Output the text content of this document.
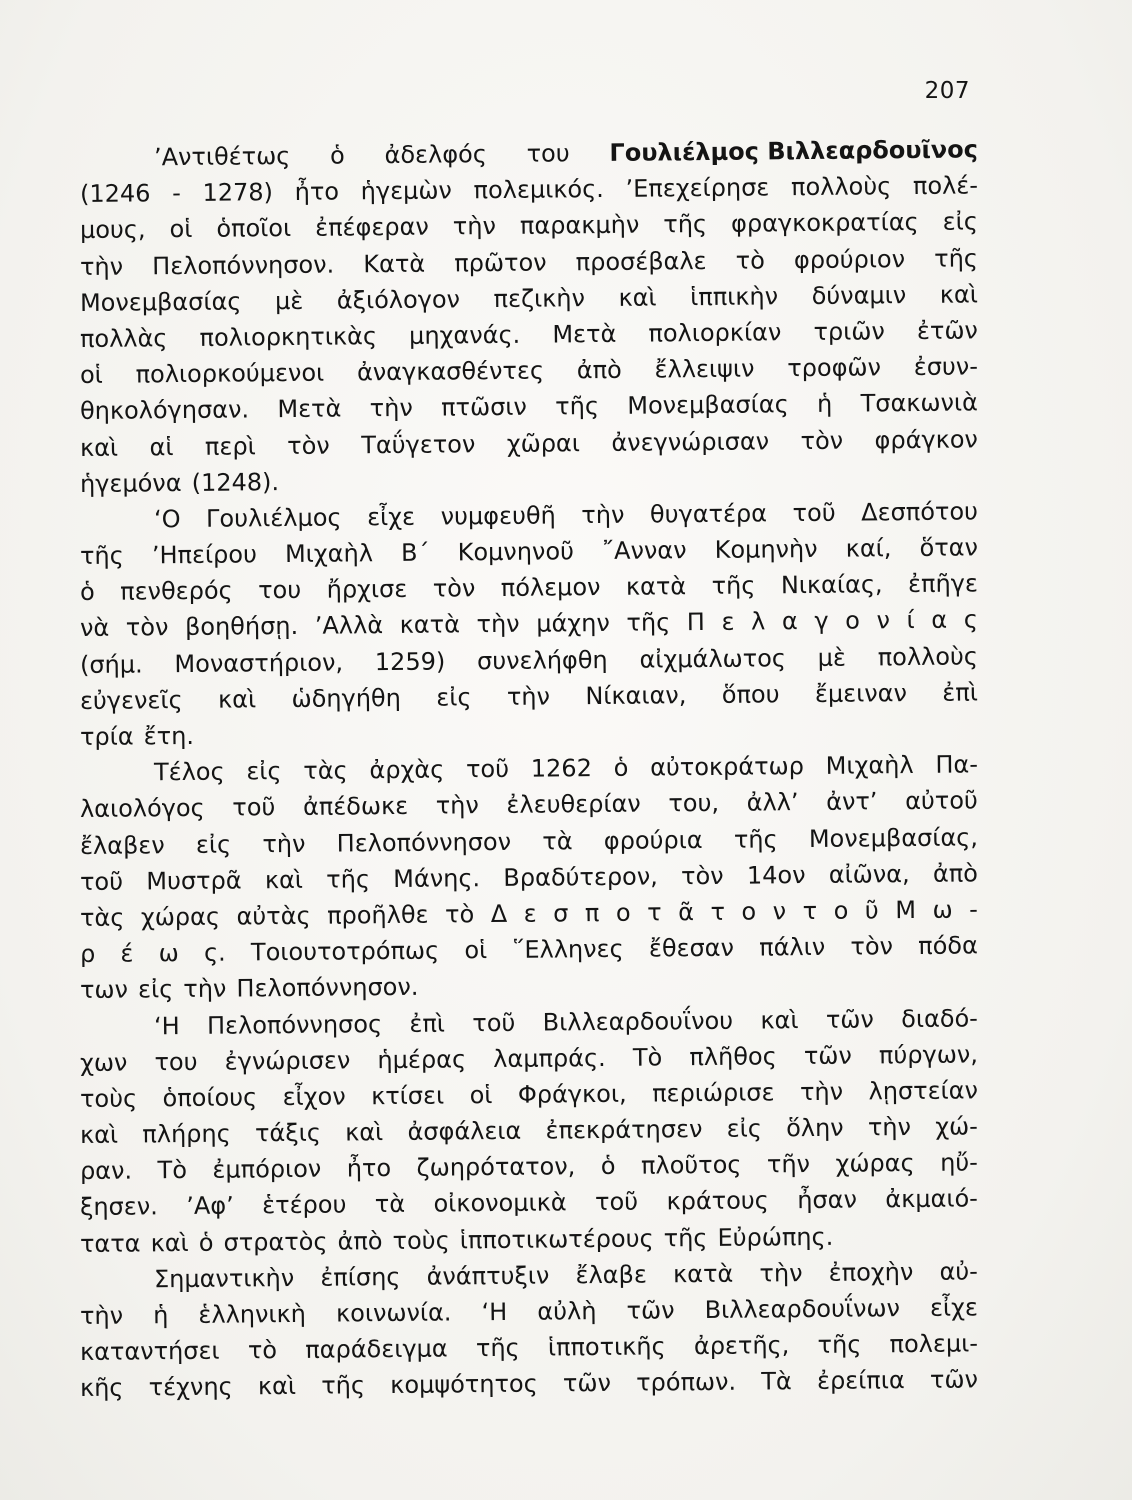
207
’Αντιθέτως ὁ ἀδελφός του Γουλιέλμος Βιλλεαρδουῖνος
(1246 - 1278) ἦτο ἡγεμὼν πολεμικός. ’Επεχείρησε πολλοὺς πολέ-
μους, οἱ ὁποῖοι ἐπέφεραν τὴν παρακμὴν τῆς φραγκοκρατίας εἰς
τὴν Πελοπόννησον. Κατὰ πρῶτον προσέβαλε τὸ φρούριον τῆς
Μονεμβασίας μὲ ἀξιόλογον πεζικὴν καὶ ἱππικὴν δύναμιν καὶ
πολλὰς πολιορκητικὰς μηχανάς. Μετὰ πολιορκίαν τριῶν ἐτῶν
οἱ πολιορκούμενοι ἀναγκασθέντες ἀπὸ ἔλλειψιν τροφῶν ἐσυν-
θηκολόγησαν. Μετὰ τὴν πτῶσιν τῆς Μονεμβασίας ἡ Τσακωνιὰ
καὶ αἱ περὶ τὸν Ταΰγετον χῶραι ἀνεγνώρισαν τὸν φράγκον
ἡγεμόνα (1248).
‘Ο Γουλιέλμος εἶχε νυμφευθῆ τὴν θυγατέρα τοῦ Δεσπότου
τῆς ’Ηπείρου Μιχαὴλ Β΄ Κομνηνοῦ ῎Ανναν Κομηνὴν καί, ὅταν
ὁ πενθερός του ἤρχισε τὸν πόλεμον κατὰ τῆς Νικαίας, ἐπῆγε
νὰ τὸν βοηθήσῃ. ’Αλλὰ κατὰ τὴν μάχην τῆς Π ε λ α γ ο ν ί α ς
(σήμ. Μοναστήριον, 1259) συνελήφθη αἰχμάλωτος μὲ πολλοὺς
εὐγενεῖς καὶ ὡδηγήθη εἰς τὴν Νίκαιαν, ὅπου ἔμειναν ἐπὶ
τρία ἔτη.
Τέλος εἰς τὰς ἀρχὰς τοῦ 1262 ὁ αὐτοκράτωρ Μιχαὴλ Πα-
λαιολόγος τοῦ ἀπέδωκε τὴν ἐλευθερίαν του, ἀλλ’ ἀντ’ αὐτοῦ
ἔλαβεν εἰς τὴν Πελοπόννησον τὰ φρούρια τῆς Μονεμβασίας,
τοῦ Μυστρᾶ καὶ τῆς Μάνης. Βραδύτερον, τὸν 14ον αἰῶνα, ἀπὸ
τὰς χώρας αὐτὰς προῆλθε τὸ Δ ε σ π ο τ ᾶ τ ο ν τ ο ῦ Μ ω -
ρ έ ω ς. Τοιουτοτρόπως οἱ ῞Ελληνες ἔθεσαν πάλιν τὸν πόδα
των εἰς τὴν Πελοπόννησον.
‘Η Πελοπόννησος ἐπὶ τοῦ Βιλλεαρδουΐνου καὶ τῶν διαδό-
χων του ἐγνώρισεν ἡμέρας λαμπράς. Τὸ πλῆθος τῶν πύργων,
τοὺς ὁποίους εἶχον κτίσει οἱ Φράγκοι, περιώρισε τὴν λῃστείαν
καὶ πλήρης τάξις καὶ ἀσφάλεια ἐπεκράτησεν εἰς ὅλην τὴν χώ-
ραν. Τὸ ἐμπόριον ἦτο ζωηρότατον, ὁ πλοῦτος τῆν χώρας ηὔ-
ξησεν. ’Αφ’ ἑτέρου τὰ οἰκονομικὰ τοῦ κράτους ἦσαν ἀκμαιό-
τατα καὶ ὁ στρατὸς ἀπὸ τοὺς ἱπποτικωτέρους τῆς Εὐρώπης.
Σημαντικὴν ἐπίσης ἀνάπτυξιν ἔλαβε κατὰ τὴν ἐποχὴν αὐ-
τὴν ἡ ἑλληνικὴ κοινωνία. ‘Η αὐλὴ τῶν Βιλλεαρδουΐνων εἶχε
καταντήσει τὸ παράδειγμα τῆς ἱπποτικῆς ἀρετῆς, τῆς πολεμι-
κῆς τέχνης καὶ τῆς κομψότητος τῶν τρόπων. Τὰ ἐρείπια τῶν
